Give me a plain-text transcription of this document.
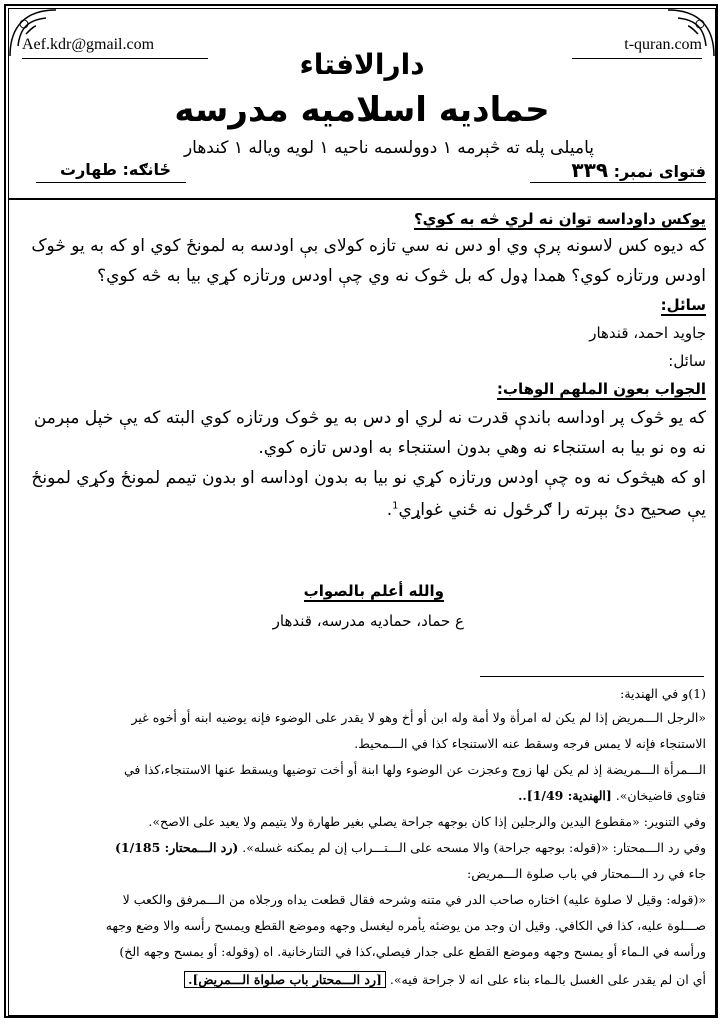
Aef.kdr@gmail.com	t-quran.com
دارالافتاء
حمادیه اسلامیه مدرسه
پامیلی پله ته څېرمه ۱ دوولسمه ناحیه ۱ لویه ویاله ۱ کندهار
فتوای نمبر: ۳۳۹
ځانګه: طهارت
یوکس داوداسه توان نه لري څه به کوي؟
که دیوه کس لاسونه پرې وي او دس نه سي تازه کولای بې اودسه به لمونځ کوي او که به یو څوک
اودس ورتازه کوي؟ همدا ډول که بل څوک نه وي چې اودس ورتازه کړي بیا به څه کوي؟
سائل:
جاوید احمد، قندهار
سائل:
الجواب بعون الملهم الوهاب:
که یو څوک پر اوداسه باندې قدرت نه لري او دس به یو څوک ورتازه کوي البته که یې خپل مېرمن
نه وه نو بیا به استنجاء نه وهي بدون استنجاء به اودس تازه کوي.
او که هیڅوک نه وه چې اودس ورتازه کړي نو بیا به بدون اوداسه او بدون تیمم لمونځ وکړي لمونځ
یې صحیح دئ بېرته را ګرځول نه ځني غواړي$^1$.
والله أعلم بالصواب
ع حماد، حمادیه مدرسه، قندهار
(1)و في الهندیة:
«الرجل الـــمريض إذا لم يكن له امرأة ولا أمة وله ابن أو أخ وهو لا يقدر على الوضوء فإنه يوضيه ابنه أو أخوه غير
الاستنجاء فإنه لا يمس فرجه وسقط عنه الاستنجاء كذا في الـــمحيط.
الـــمرأة الـــمريضة إذ لم يكن لها زوج وعجزت عن الوضوء ولها ابنة أو أخت توضيها ويسقط عنها الاستنجاء،كذا في
فتاوى قاضيخان». [الهندية: 1/49]..
وفي التنوير: «مقطوع اليدين والرجلين إذا كان بوجهه جراحة يصلي بغير طهارة ولا يتيمم ولا يعيد على الاصح».
وفي رد الـــمحتار: «(قوله: بوجهه جراحة) والا مسحه على الـــتـــراب إن لم يمكنه غسله». (رد الـــمحتار: 1/185)
جاء في رد الـــمحتار في باب صلوة الـــمريض:
«(قوله: وقيل لا صلوة عليه) اختاره صاحب الدر في متنه وشرحه فقال قطعت يداه ورجلاه من الـــمرفق والكعب لا
صـــلوة عليه، كذا في الكافي. وقيل ان وجد من يوضئه يأمره ليغسل وجهه وموضع القطع ويمسح رأسه والا وضع وجهه
ورأسه في الـماء أو يمسح وجهه وموضع القطع على جدار فيصلي،كذا في التتارخانية. اه (وقوله: أو يمسح وجهه الخ)
أي ان لم يقدر على الغسل بالـماء بناء على انه لا جراحة فيه». [رد الـــمحتار باب صلواة الـــمريض].
